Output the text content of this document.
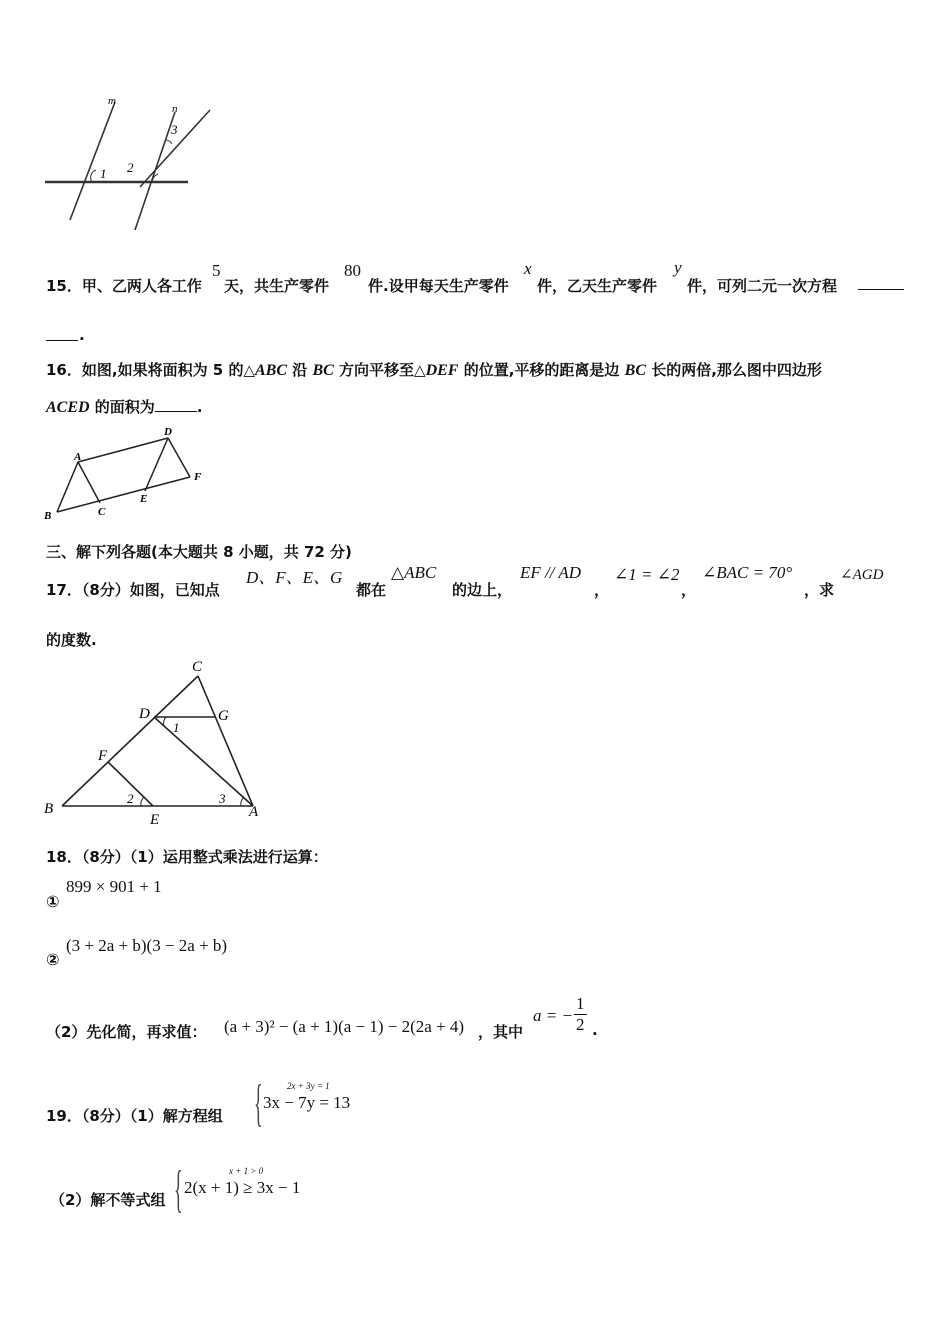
m
n
1 2
3
15．甲、乙两人各工作
5
天，共生产零件
80
件.设甲每天生产零件
x
件，乙天生产零件
y
件，可列二元一次方程
.
16．如图,如果将面积为 5 的△ABC 沿 BC 方向平移至△DEF 的位置,平移的距离是边 BC 长的两倍,那么图中四边形
ACED 的面积为	.
A
B	C
D
E
F
三、解下列各题(本大题共 8 小题，共 72 分)
17．（8分）如图，已知点
D、F、E、G
都在
△ABC
的边上，
EF // AD
，
∠1 = ∠2
，
∠BAC = 70°
，求
∠AGD
的度数.
C
D	G
F
B
E	A
1
2	3
18．（8分）（1）运用整式乘法进行运算：
①
899 × 901 + 1
②
(3 + 2a + b)(3 − 2a + b)
（2）先化简，再求值： (a + 3)² − (a + 1)(a − 1) − 2(2a + 4) ，其中
a = − $\frac{1}{2}$ .
19．（8分）（1）解方程组 {	2x + 3y = 1
3x − 7y = 13
（2）解不等式组 {	x + 1 > 0
2(x + 1) ≥ 3x − 1
